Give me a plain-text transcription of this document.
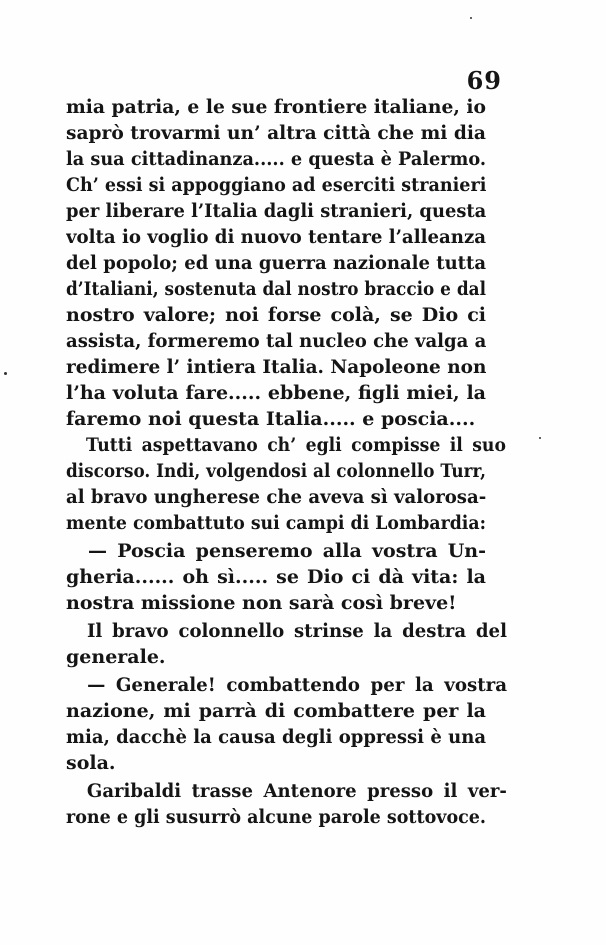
69
mia patria, e le sue frontiere italiane, io
saprò trovarmi un’ altra città che mi dia
la sua cittadinanza..... e questa è Palermo.
Ch’ essi si appoggiano ad eserciti stranieri
per liberare l’Italia dagli stranieri, questa
volta io voglio di nuovo tentare l’alleanza
del popolo; ed una guerra nazionale tutta
d’Italiani, sostenuta dal nostro braccio e dal
nostro valore; noi forse colà, se Dio ci
assista, formeremo tal nucleo che valga a
redimere l’ intiera Italia. Napoleone non
l’ha voluta fare..... ebbene, figli miei, la
faremo noi questa Italia..... e poscia....
Tutti aspettavano ch’ egli compisse il suo
discorso. Indi, volgendosi al colonnello Turr,
al bravo ungherese che aveva sì valorosa-
mente combattuto sui campi di Lombardia:
— Poscia penseremo alla vostra Un-
gheria...... oh sì..... se Dio ci dà vita: la
nostra missione non sarà così breve!
Il bravo colonnello strinse la destra del
generale.
— Generale! combattendo per la vostra
nazione, mi parrà di combattere per la
mia, dacchè la causa degli oppressi è una
sola.
Garibaldi trasse Antenore presso il ver-
rone e gli susurrò alcune parole sottovoce.
